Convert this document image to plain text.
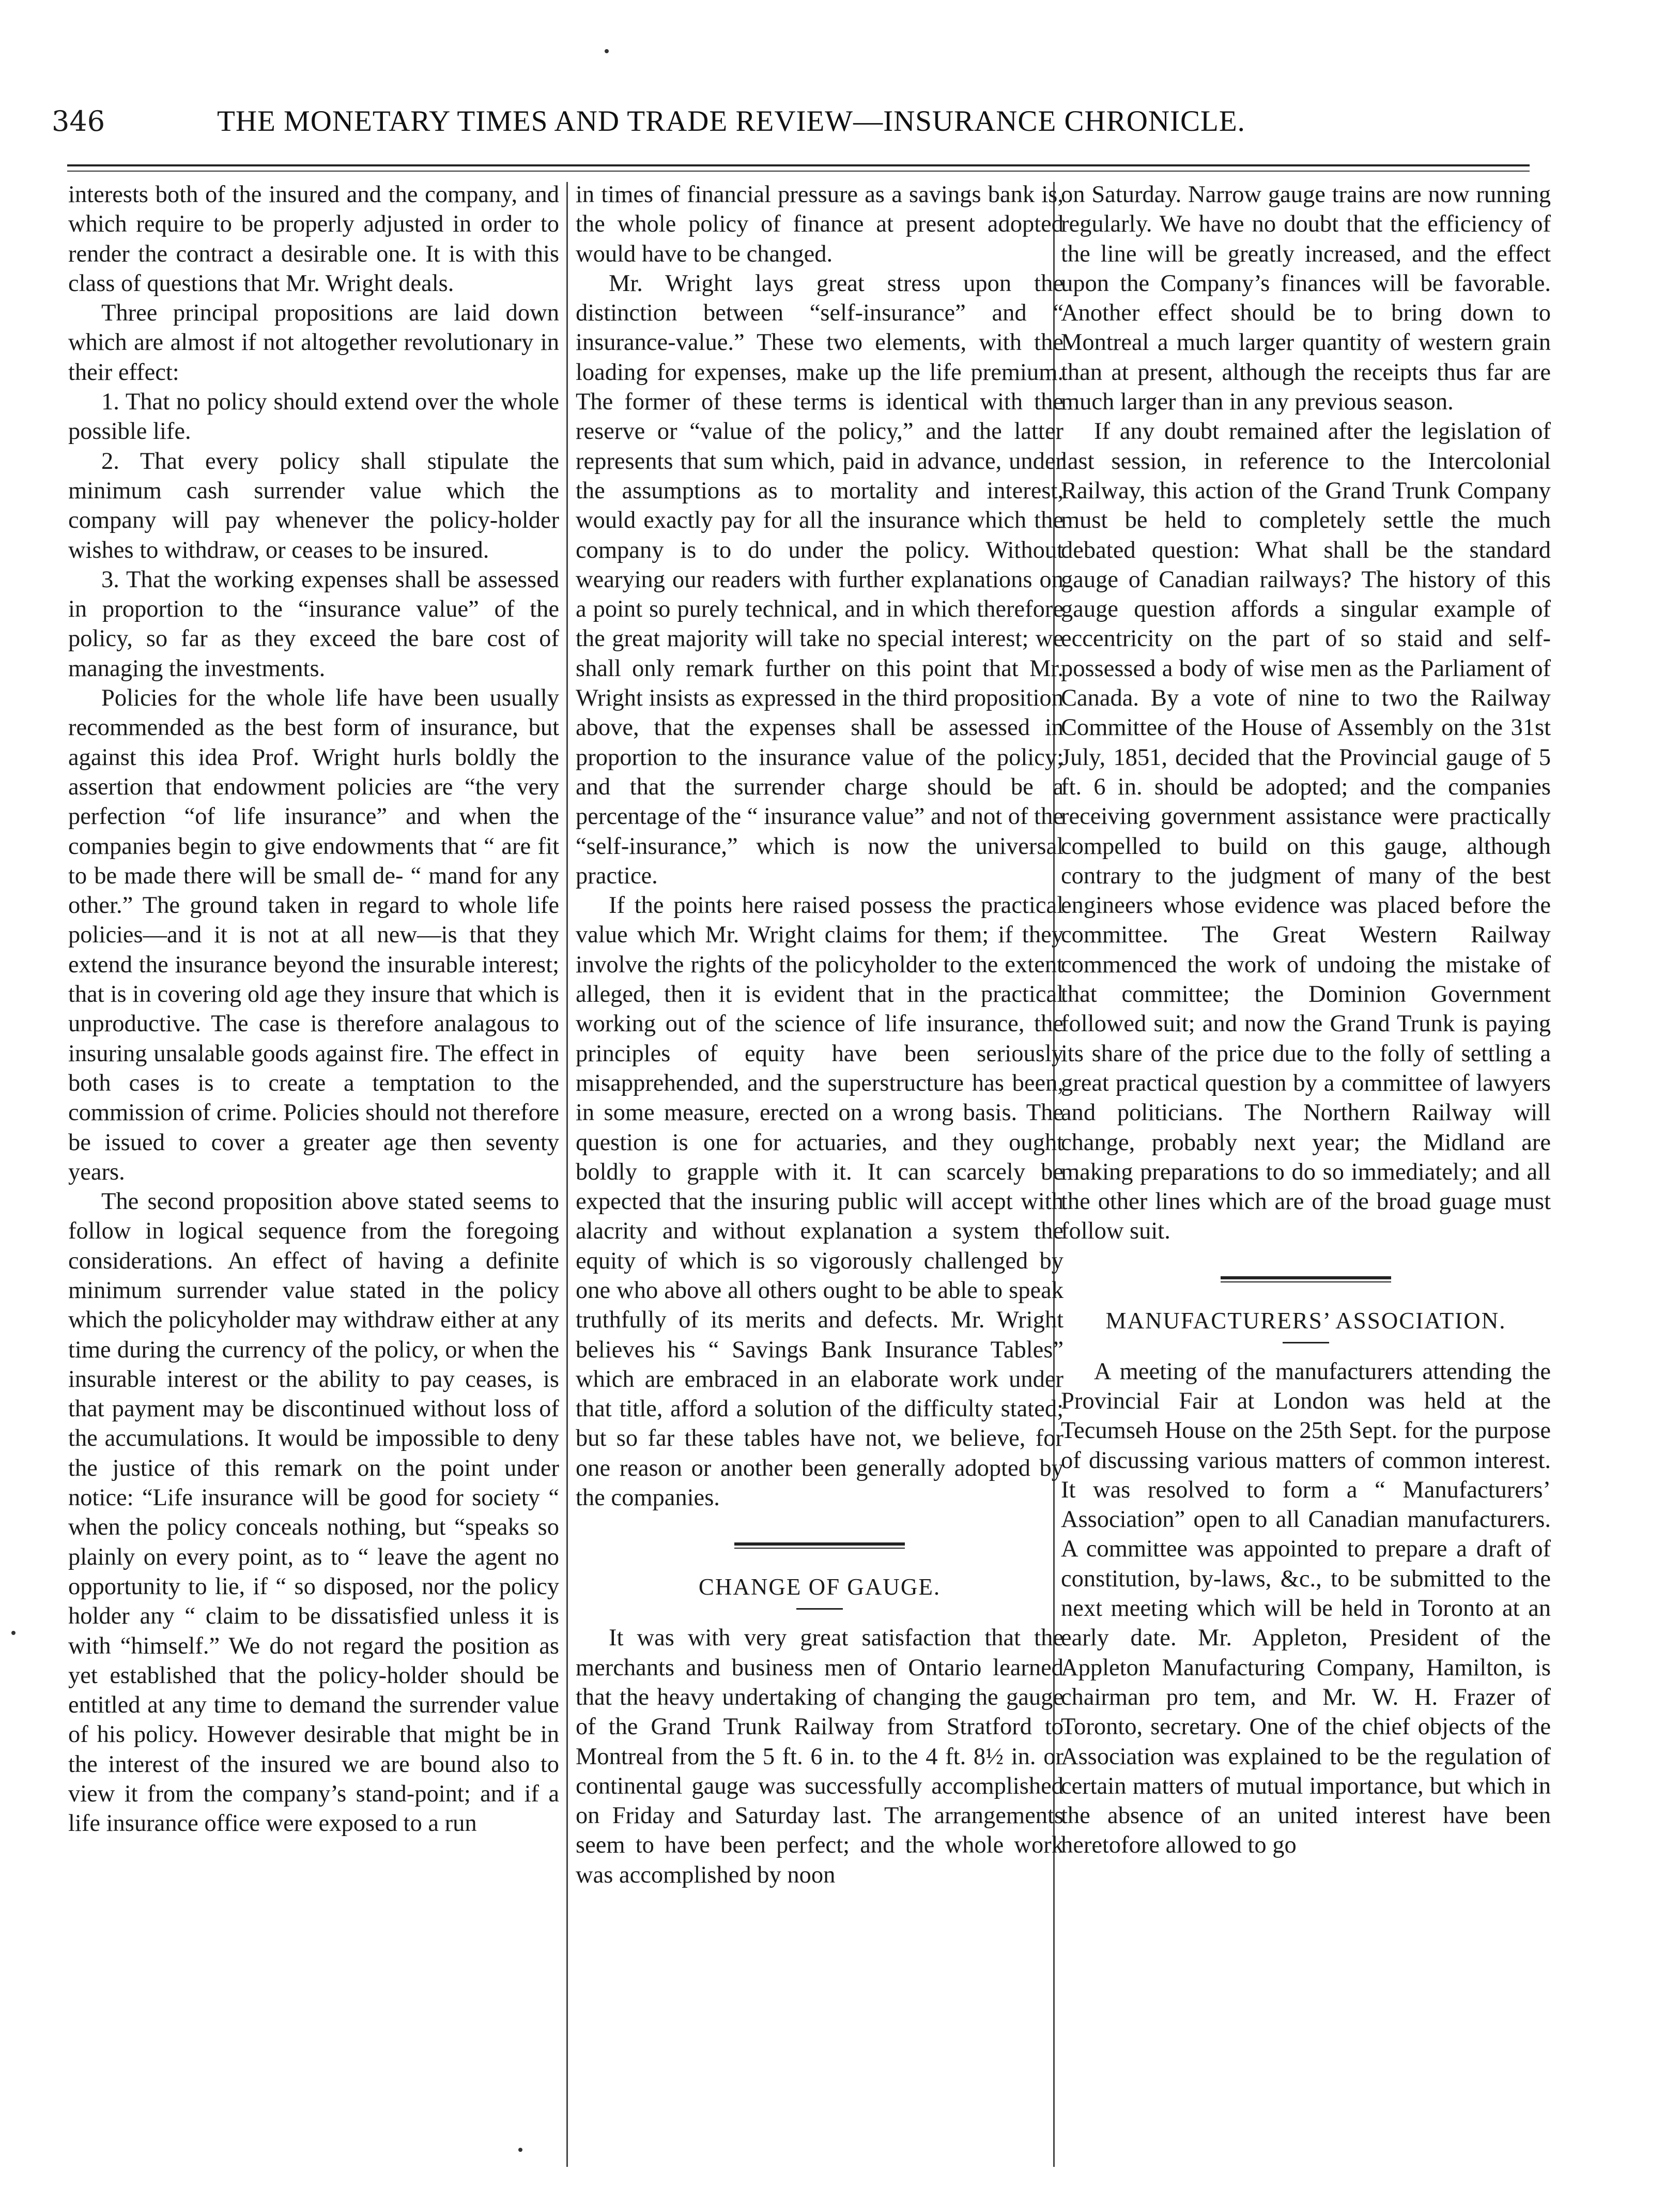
346	THE MONETARY TIMES AND TRADE REVIEW—INSURANCE CHRONICLE.

interests both of the insured and the company, and which require to be properly adjusted in order to render the contract a desirable one. It is with this class of questions that Mr. Wright deals.

Three principal propositions are laid down which are almost if not altogether revolutionary in their effect:

1. That no policy should extend over the whole possible life.

2. That every policy shall stipulate the minimum cash surrender value which the company will pay whenever the policy-holder wishes to withdraw, or ceases to be insured.

3. That the working expenses shall be assessed in proportion to the “insurance value” of the policy, so far as they exceed the bare cost of managing the investments.

Policies for the whole life have been usually recommended as the best form of insurance, but against this idea Prof. Wright hurls boldly the assertion that endowment policies are “the very perfection “of life insurance” and when the companies begin to give endowments that “ are fit to be made there will be small de- “ mand for any other.” The ground taken in regard to whole life policies—and it is not at all new—is that they extend the insurance beyond the insurable interest; that is in covering old age they insure that which is unproductive. The case is therefore analagous to insuring unsalable goods against fire. The effect in both cases is to create a temptation to the commission of crime. Policies should not therefore be issued to cover a greater age then seventy years.

The second proposition above stated seems to follow in logical sequence from the foregoing considerations. An effect of having a definite minimum surrender value stated in the policy which the policyholder may withdraw either at any time during the currency of the policy, or when the insurable interest or the ability to pay ceases, is that payment may be discontinued without loss of the accumulations. It would be impossible to deny the justice of this remark on the point under notice: “Life insurance will be good for society “ when the policy conceals nothing, but “speaks so plainly on every point, as to “ leave the agent no opportunity to lie, if “ so disposed, nor the policy holder any “ claim to be dissatisfied unless it is with “himself.” We do not regard the position as yet established that the policy-holder should be entitled at any time to demand the surrender value of his policy. However desirable that might be in the interest of the insured we are bound also to view it from the company’s stand-point; and if a life insurance office were exposed to a run

in times of financial pressure as a savings bank is, the whole policy of finance at present adopted would have to be changed.

Mr. Wright lays great stress upon the distinction between “self-insurance” and “ insurance-value.” These two elements, with the loading for expenses, make up the life premium. The former of these terms is identical with the reserve or “value of the policy,” and the latter represents that sum which, paid in advance, under the assumptions as to mortality and interest, would exactly pay for all the insurance which the company is to do under the policy. Without wearying our readers with further explanations on a point so purely technical, and in which therefore the great majority will take no special interest; we shall only remark further on this point that Mr. Wright insists as expressed in the third proposition above, that the expenses shall be assessed in proportion to the insurance value of the policy; and that the surrender charge should be a percentage of the “ insurance value” and not of the “self-insurance,” which is now the universal practice.

If the points here raised possess the practical value which Mr. Wright claims for them; if they involve the rights of the policyholder to the extent alleged, then it is evident that in the practical working out of the science of life insurance, the principles of equity have been seriously misapprehended, and the superstructure has been, in some measure, erected on a wrong basis. The question is one for actuaries, and they ought boldly to grapple with it. It can scarcely be expected that the insuring public will accept with alacrity and without explanation a system the equity of which is so vigorously challenged by one who above all others ought to be able to speak truthfully of its merits and defects. Mr. Wright believes his “ Savings Bank Insurance Tables” which are embraced in an elaborate work under that title, afford a solution of the difficulty stated; but so far these tables have not, we believe, for one reason or another been generally adopted by the companies.

CHANGE OF GAUGE.

It was with very great satisfaction that the merchants and business men of Ontario learned that the heavy undertaking of changing the gauge of the Grand Trunk Railway from Stratford to Montreal from the 5 ft. 6 in. to the 4 ft. 8½ in. or continental gauge was successfully accomplished on Friday and Saturday last. The arrangements seem to have been perfect; and the whole work was accomplished by noon

on Saturday. Narrow gauge trains are now running regularly. We have no doubt that the efficiency of the line will be greatly increased, and the effect upon the Company’s finances will be favorable. Another effect should be to bring down to Montreal a much larger quantity of western grain than at present, although the receipts thus far are much larger than in any previous season.

If any doubt remained after the legislation of last session, in reference to the Intercolonial Railway, this action of the Grand Trunk Company must be held to completely settle the much debated question: What shall be the standard gauge of Canadian railways? The history of this gauge question affords a singular example of eccentricity on the part of so staid and self-possessed a body of wise men as the Parliament of Canada. By a vote of nine to two the Railway Committee of the House of Assembly on the 31st July, 1851, decided that the Provincial gauge of 5 ft. 6 in. should be adopted; and the companies receiving government assistance were practically compelled to build on this gauge, although contrary to the judgment of many of the best engineers whose evidence was placed before the committee. The Great Western Railway commenced the work of undoing the mistake of that committee; the Dominion Government followed suit; and now the Grand Trunk is paying its share of the price due to the folly of settling a great practical question by a committee of lawyers and politicians. The Northern Railway will change, probably next year; the Midland are making preparations to do so immediately; and all the other lines which are of the broad guage must follow suit.

MANUFACTURERS’ ASSOCIATION.

A meeting of the manufacturers attending the Provincial Fair at London was held at the Tecumseh House on the 25th Sept. for the purpose of discussing various matters of common interest. It was resolved to form a “ Manufacturers’ Association” open to all Canadian manufacturers. A committee was appointed to prepare a draft of constitution, by-laws, &c., to be submitted to the next meeting which will be held in Toronto at an early date. Mr. Appleton, President of the Appleton Manufacturing Company, Hamilton, is chairman pro tem, and Mr. W. H. Frazer of Toronto, secretary. One of the chief objects of the Association was explained to be the regulation of certain matters of mutual importance, but which in the absence of an united interest have been heretofore allowed to go
